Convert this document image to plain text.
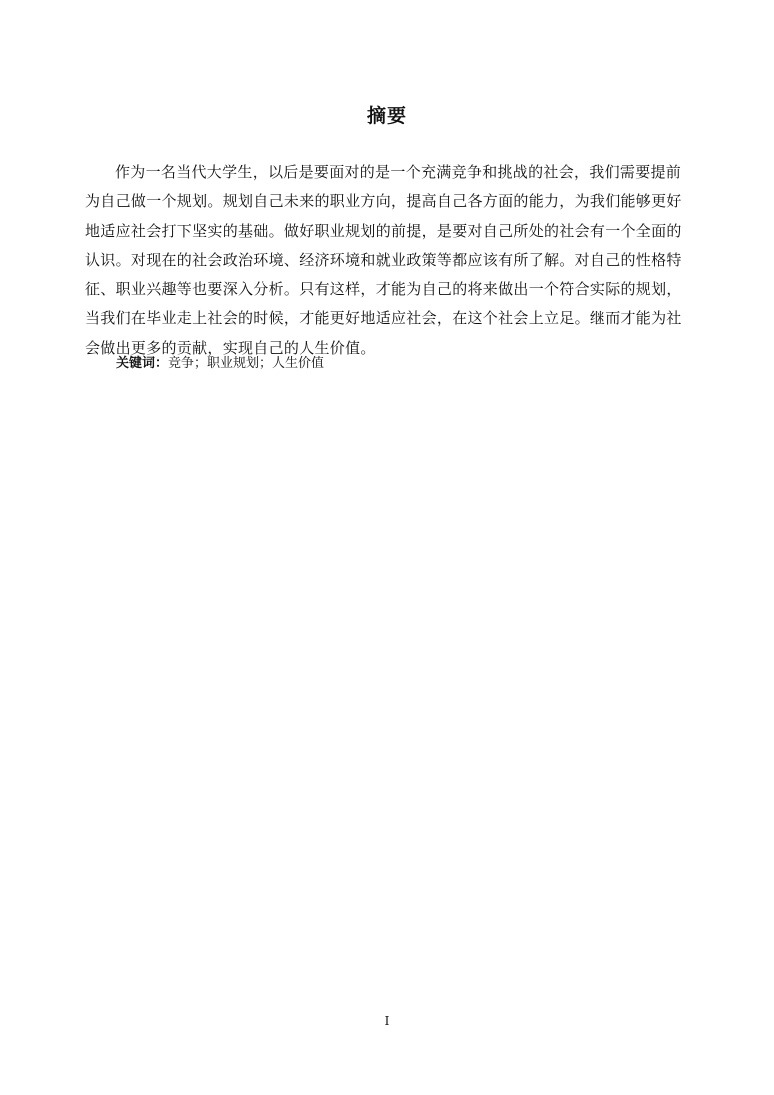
摘要
作为一名当代大学生，以后是要面对的是一个充满竞争和挑战的社会，我们需要提前
为自己做一个规划。规划自己未来的职业方向，提高自己各方面的能力，为我们能够更好
地适应社会打下坚实的基础。做好职业规划的前提，是要对自己所处的社会有一个全面的
认识。对现在的社会政治环境、经济环境和就业政策等都应该有所了解。对自己的性格特
征、职业兴趣等也要深入分析。只有这样，才能为自己的将来做出一个符合实际的规划，
当我们在毕业走上社会的时候，才能更好地适应社会，在这个社会上立足。继而才能为社
会做出更多的贡献，实现自己的人生价值。
关键词：竞争；职业规划；人生价值
I
